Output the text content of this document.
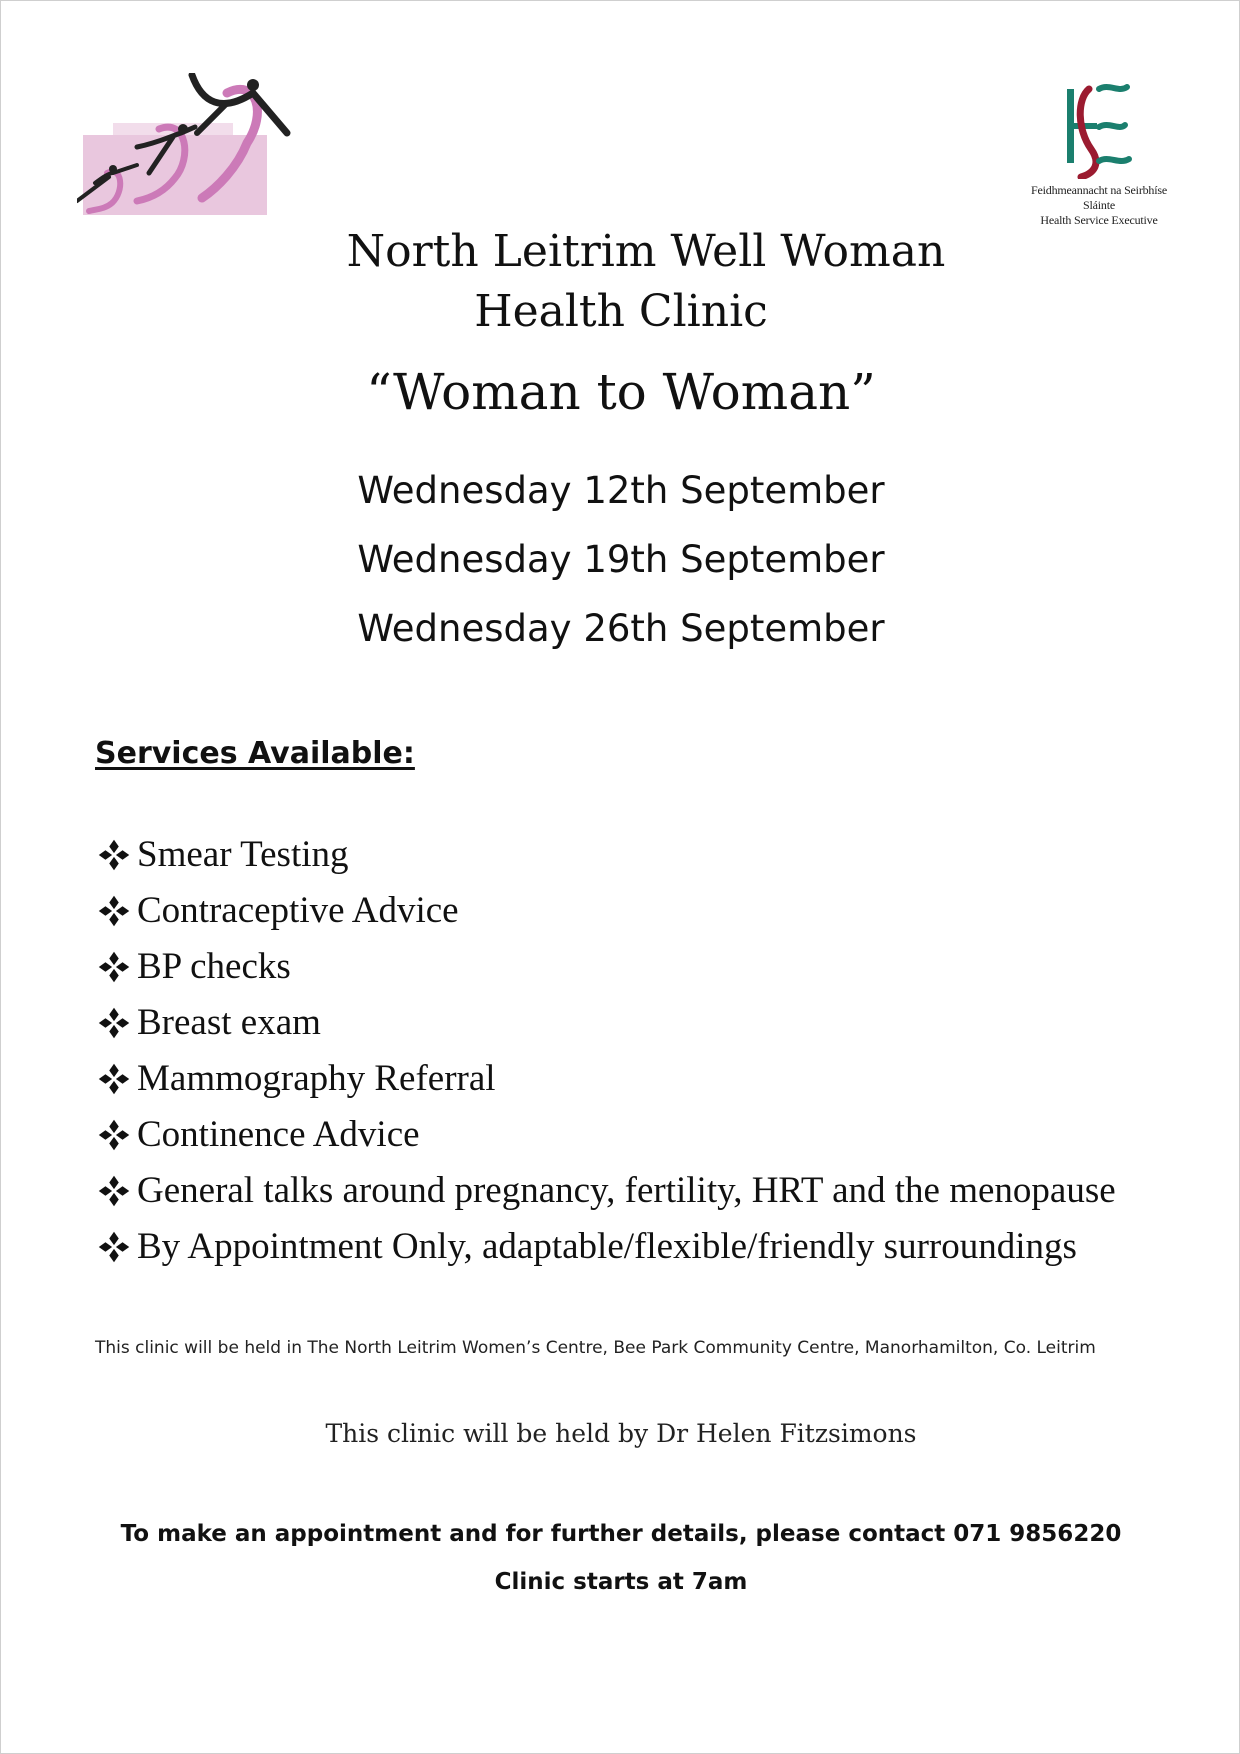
Feidhmeannacht na Seirbhíse Sláinte
Health Service Executive
North Leitrim Well Woman
Health Clinic
“Woman to Woman”
Wednesday 12th September
Wednesday 19th September
Wednesday 26th September
Services Available:
Smear Testing
Contraceptive Advice
BP checks
Breast exam
Mammography Referral
Continence Advice
General talks around pregnancy, fertility, HRT and the menopause
By Appointment Only, adaptable/flexible/friendly surroundings
This clinic will be held in The North Leitrim Women’s Centre, Bee Park Community Centre, Manorhamilton, Co. Leitrim
This clinic will be held by Dr Helen Fitzsimons
To make an appointment and for further details, please contact 071 9856220
Clinic starts at 7am
